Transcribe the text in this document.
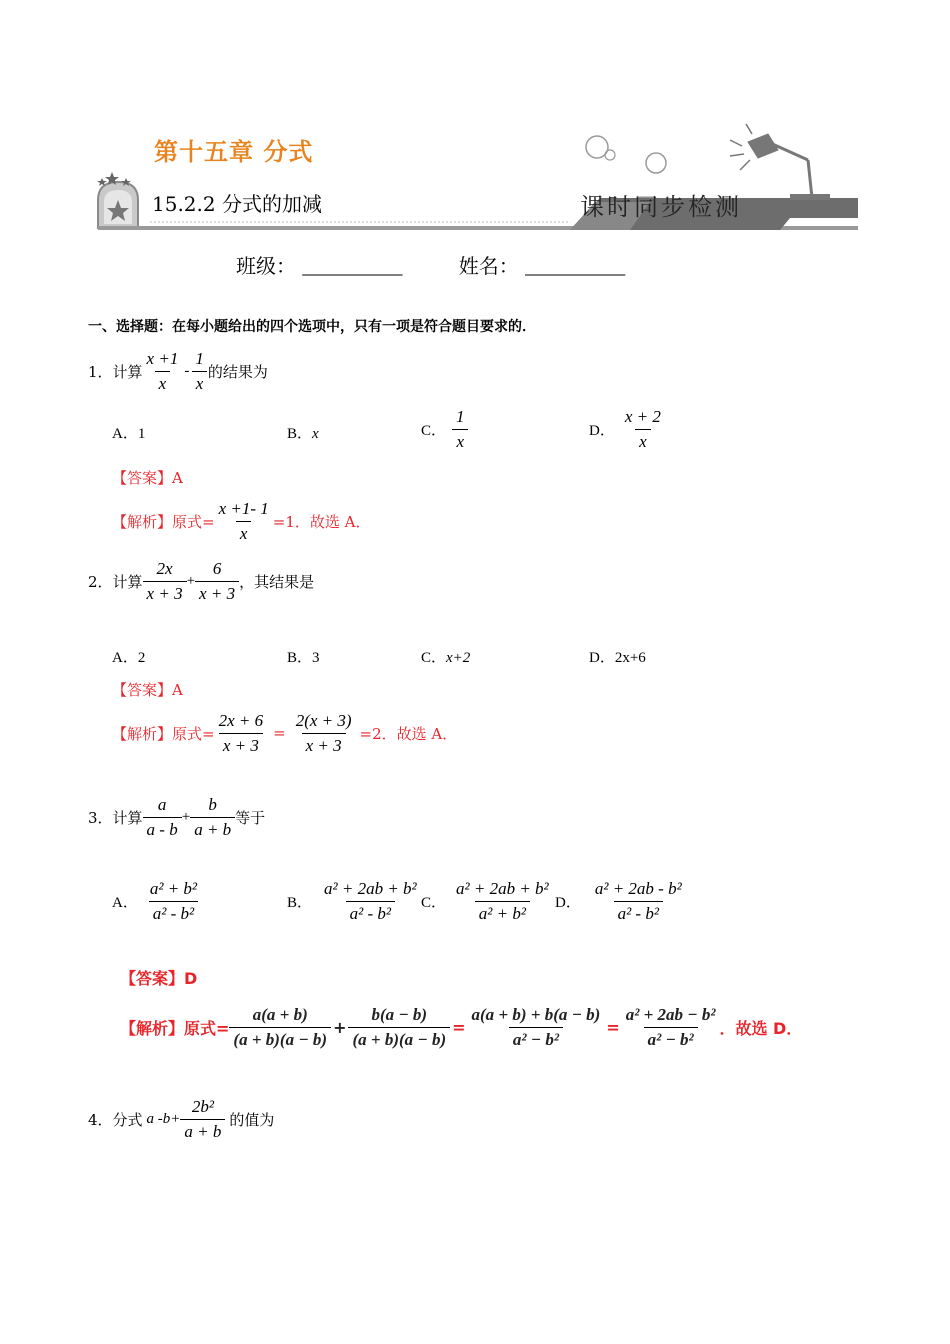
第十五章 分式
15.2.2 分式的加减	课时同步检测
班级： __________	姓名： __________
一、选择题：在每小题给出的四个选项中，只有一项是符合题目要求的．
1．计算 $\frac{x +1}{x} - \frac{1}{x}$ 的结果为
A．1	B．x	C． $\frac{1}{x}$	D． $\frac{x + 2}{x}$
【答案】A
【解析】原式= $\frac{x +1- 1}{x} =1$．故选 A．
2．计算 $\frac{2x}{x + 3} + \frac{6}{x + 3}$ ，其结果是
A．2	B．3	C．x+2	D．2x+6
【答案】A
【解析】原式= $\frac{2x + 6}{x + 3} = \frac{2(x + 3)}{x + 3} =2$．故选 A．
3．计算 $\frac{a}{a - b} + \frac{b}{a + b}$ 等于
A． $\frac{\text{a² + b²}}{\text{a² - b²}}$	B． $\frac{\text{a² + 2ab + b²}}{\text{a² - b²}}$ C． $\frac{\text{a² + 2ab + b²}}{\text{a² + b²}}$ D． $\frac{\text{a² + 2ab - b²}}{\text{a² - b²}}$
【答案】D
【解析】原式= $\frac{a(a + b)}{(a + b)(a - b)} + \frac{b(a - b)}{(a + b)(a - b)} = \frac{a(a + b) + b(a - b)}{\text{a² − b²}} = \frac{\text{a² + 2ab − b²}}{\text{a² − b²}}$ ．故选 D．
4．分式 a $-b+ \frac{\text{2b²}}{a + b}$ 的值为
